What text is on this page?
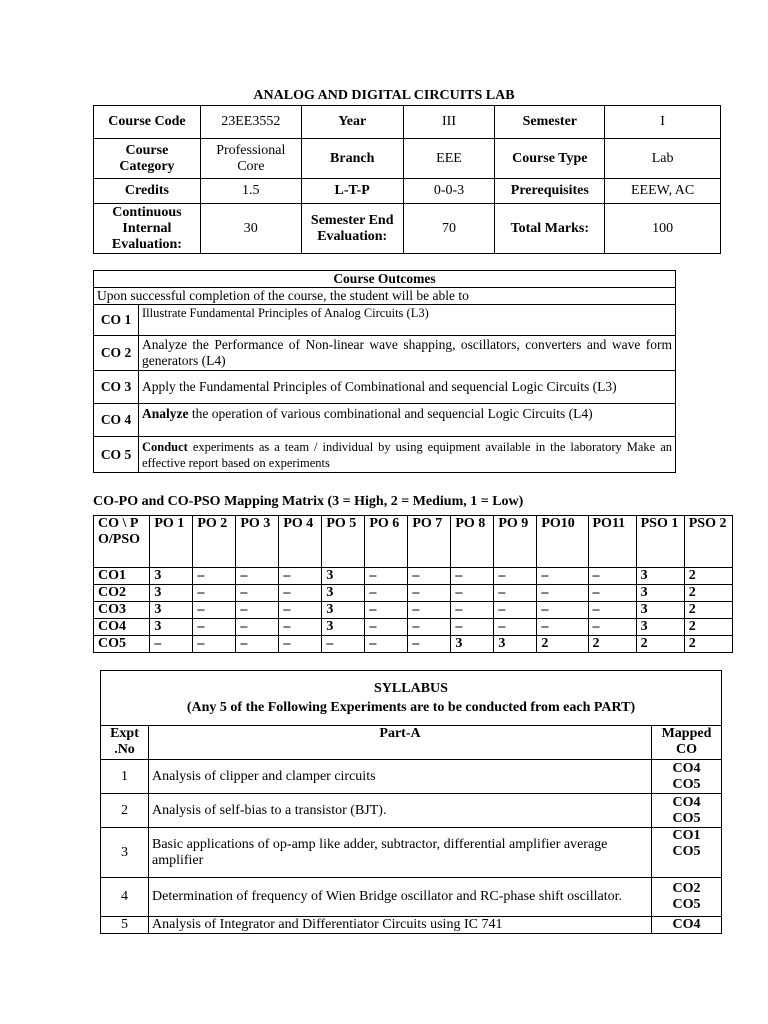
ANALOG AND DIGITAL CIRCUITS LAB
Course Code	23EE3552	Year	III	Semester	I
Course Category	Professional Core	Branch	EEE	Course Type	Lab
Credits	1.5	L-T-P	0-0-3	Prerequisites	EEEW, AC
Continuous Internal Evaluation:	30	Semester End Evaluation:	70	Total Marks:	100
Course Outcomes	
Upon successful completion of the course, the student will be able to	
CO 1	Illustrate Fundamental Principles of Analog Circuits (L3)
CO 2	Analyze the Performance of Non-linear wave shapping, oscillators, converters and wave form generators (L4)
CO 3	Apply the Fundamental Principles of Combinational and sequencial Logic Circuits (L3)
CO 4	Analyze the operation of various combinational and sequencial Logic Circuits (L4)
CO 5	Conduct experiments as a team / individual by using equipment available in the laboratory Make an effective report based on experiments
CO-PO and CO-PSO Mapping Matrix (3 = High, 2 = Medium, 1 = Low)
CO \ PO/PSO	PO 1	PO 2	PO 3	PO 4	PO 5	PO 6	PO 7	PO 8	PO 9	PO10	PO11	PSO 1	PSO 2
CO1	3	–	–	–	3	–	–	–	–	–	–	3	2
CO2	3	–	–	–	3	–	–	–	–	–	–	3	2
CO3	3	–	–	–	3	–	–	–	–	–	–	3	2
CO4	3	–	–	–	3	–	–	–	–	–	–	3	2
CO5	–	–	–	–	–	–	–	3	3	2	2	2	2
SYLLABUS
(Any 5 of the Following Experiments are to be conducted from each PART)		

Expt .No	Part-A	Mapped CO
1	Analysis of clipper and clamper circuits	CO4 CO5
2	Analysis of self-bias to a transistor (BJT).	CO4 CO5
3	Basic applications of op-amp like adder, subtractor, differential amplifier average amplifier	CO1 CO5
4	Determination of frequency of Wien Bridge oscillator and RC-phase shift oscillator.	CO2 CO5
5	Analysis of Integrator and Differentiator Circuits using IC 741	CO4
